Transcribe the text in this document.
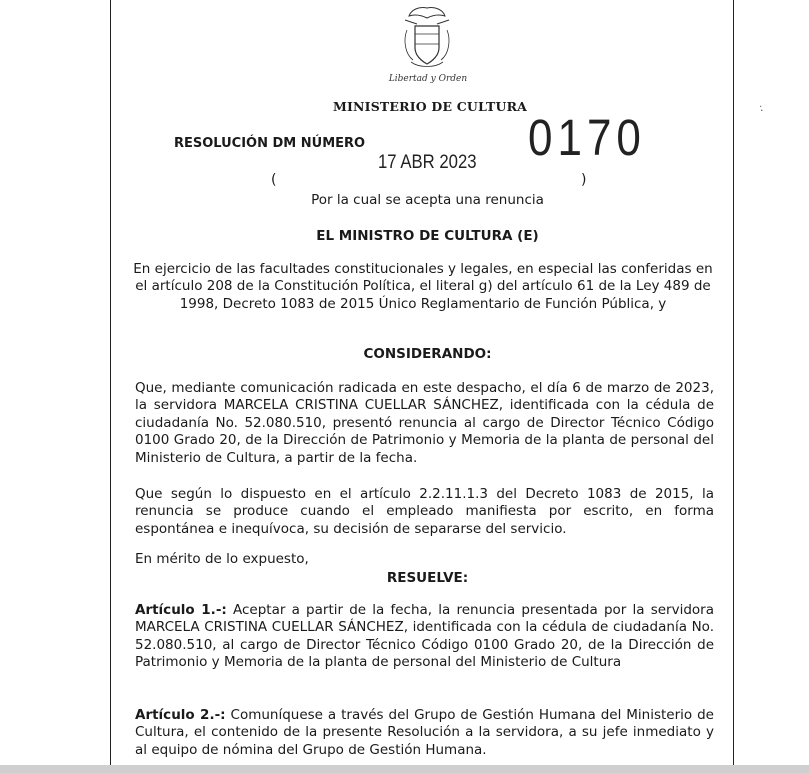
‧̇
Libertad y Orden
MINISTERIO DE CULTURA
RESOLUCIÓN DM NÚMERO	0170
17 ABR 2023
(	)
Por la cual se acepta una renuncia
EL MINISTRO DE CULTURA (E)
En ejercicio de las facultades constitucionales y legales, en especial las conferidas en el artículo 208 de la Constitución Política, el literal g) del artículo 61 de la Ley 489 de 1998, Decreto 1083 de 2015 Único Reglamentario de Función Pública, y
CONSIDERANDO:
Que, mediante comunicación radicada en este despacho, el día 6 de marzo de 2023, la servidora MARCELA CRISTINA CUELLAR SÁNCHEZ, identificada con la cédula de ciudadanía No. 52.080.510, presentó renuncia al cargo de Director Técnico Código 0100 Grado 20, de la Dirección de Patrimonio y Memoria de la planta de personal del Ministerio de Cultura, a partir de la fecha.
Que según lo dispuesto en el artículo 2.2.11.1.3 del Decreto 1083 de 2015, la renuncia se produce cuando el empleado manifiesta por escrito, en forma espontánea e inequívoca, su decisión de separarse del servicio.
En mérito de lo expuesto,
RESUELVE:
Artículo 1.-: Aceptar a partir de la fecha, la renuncia presentada por la servidora MARCELA CRISTINA CUELLAR SÁNCHEZ, identificada con la cédula de ciudadanía No. 52.080.510, al cargo de Director Técnico Código 0100 Grado 20, de la Dirección de Patrimonio y Memoria de la planta de personal del Ministerio de Cultura
Artículo 2.-: Comuníquese a través del Grupo de Gestión Humana del Ministerio de Cultura, el contenido de la presente Resolución a la servidora, a su jefe inmediato y al equipo de nómina del Grupo de Gestión Humana.
